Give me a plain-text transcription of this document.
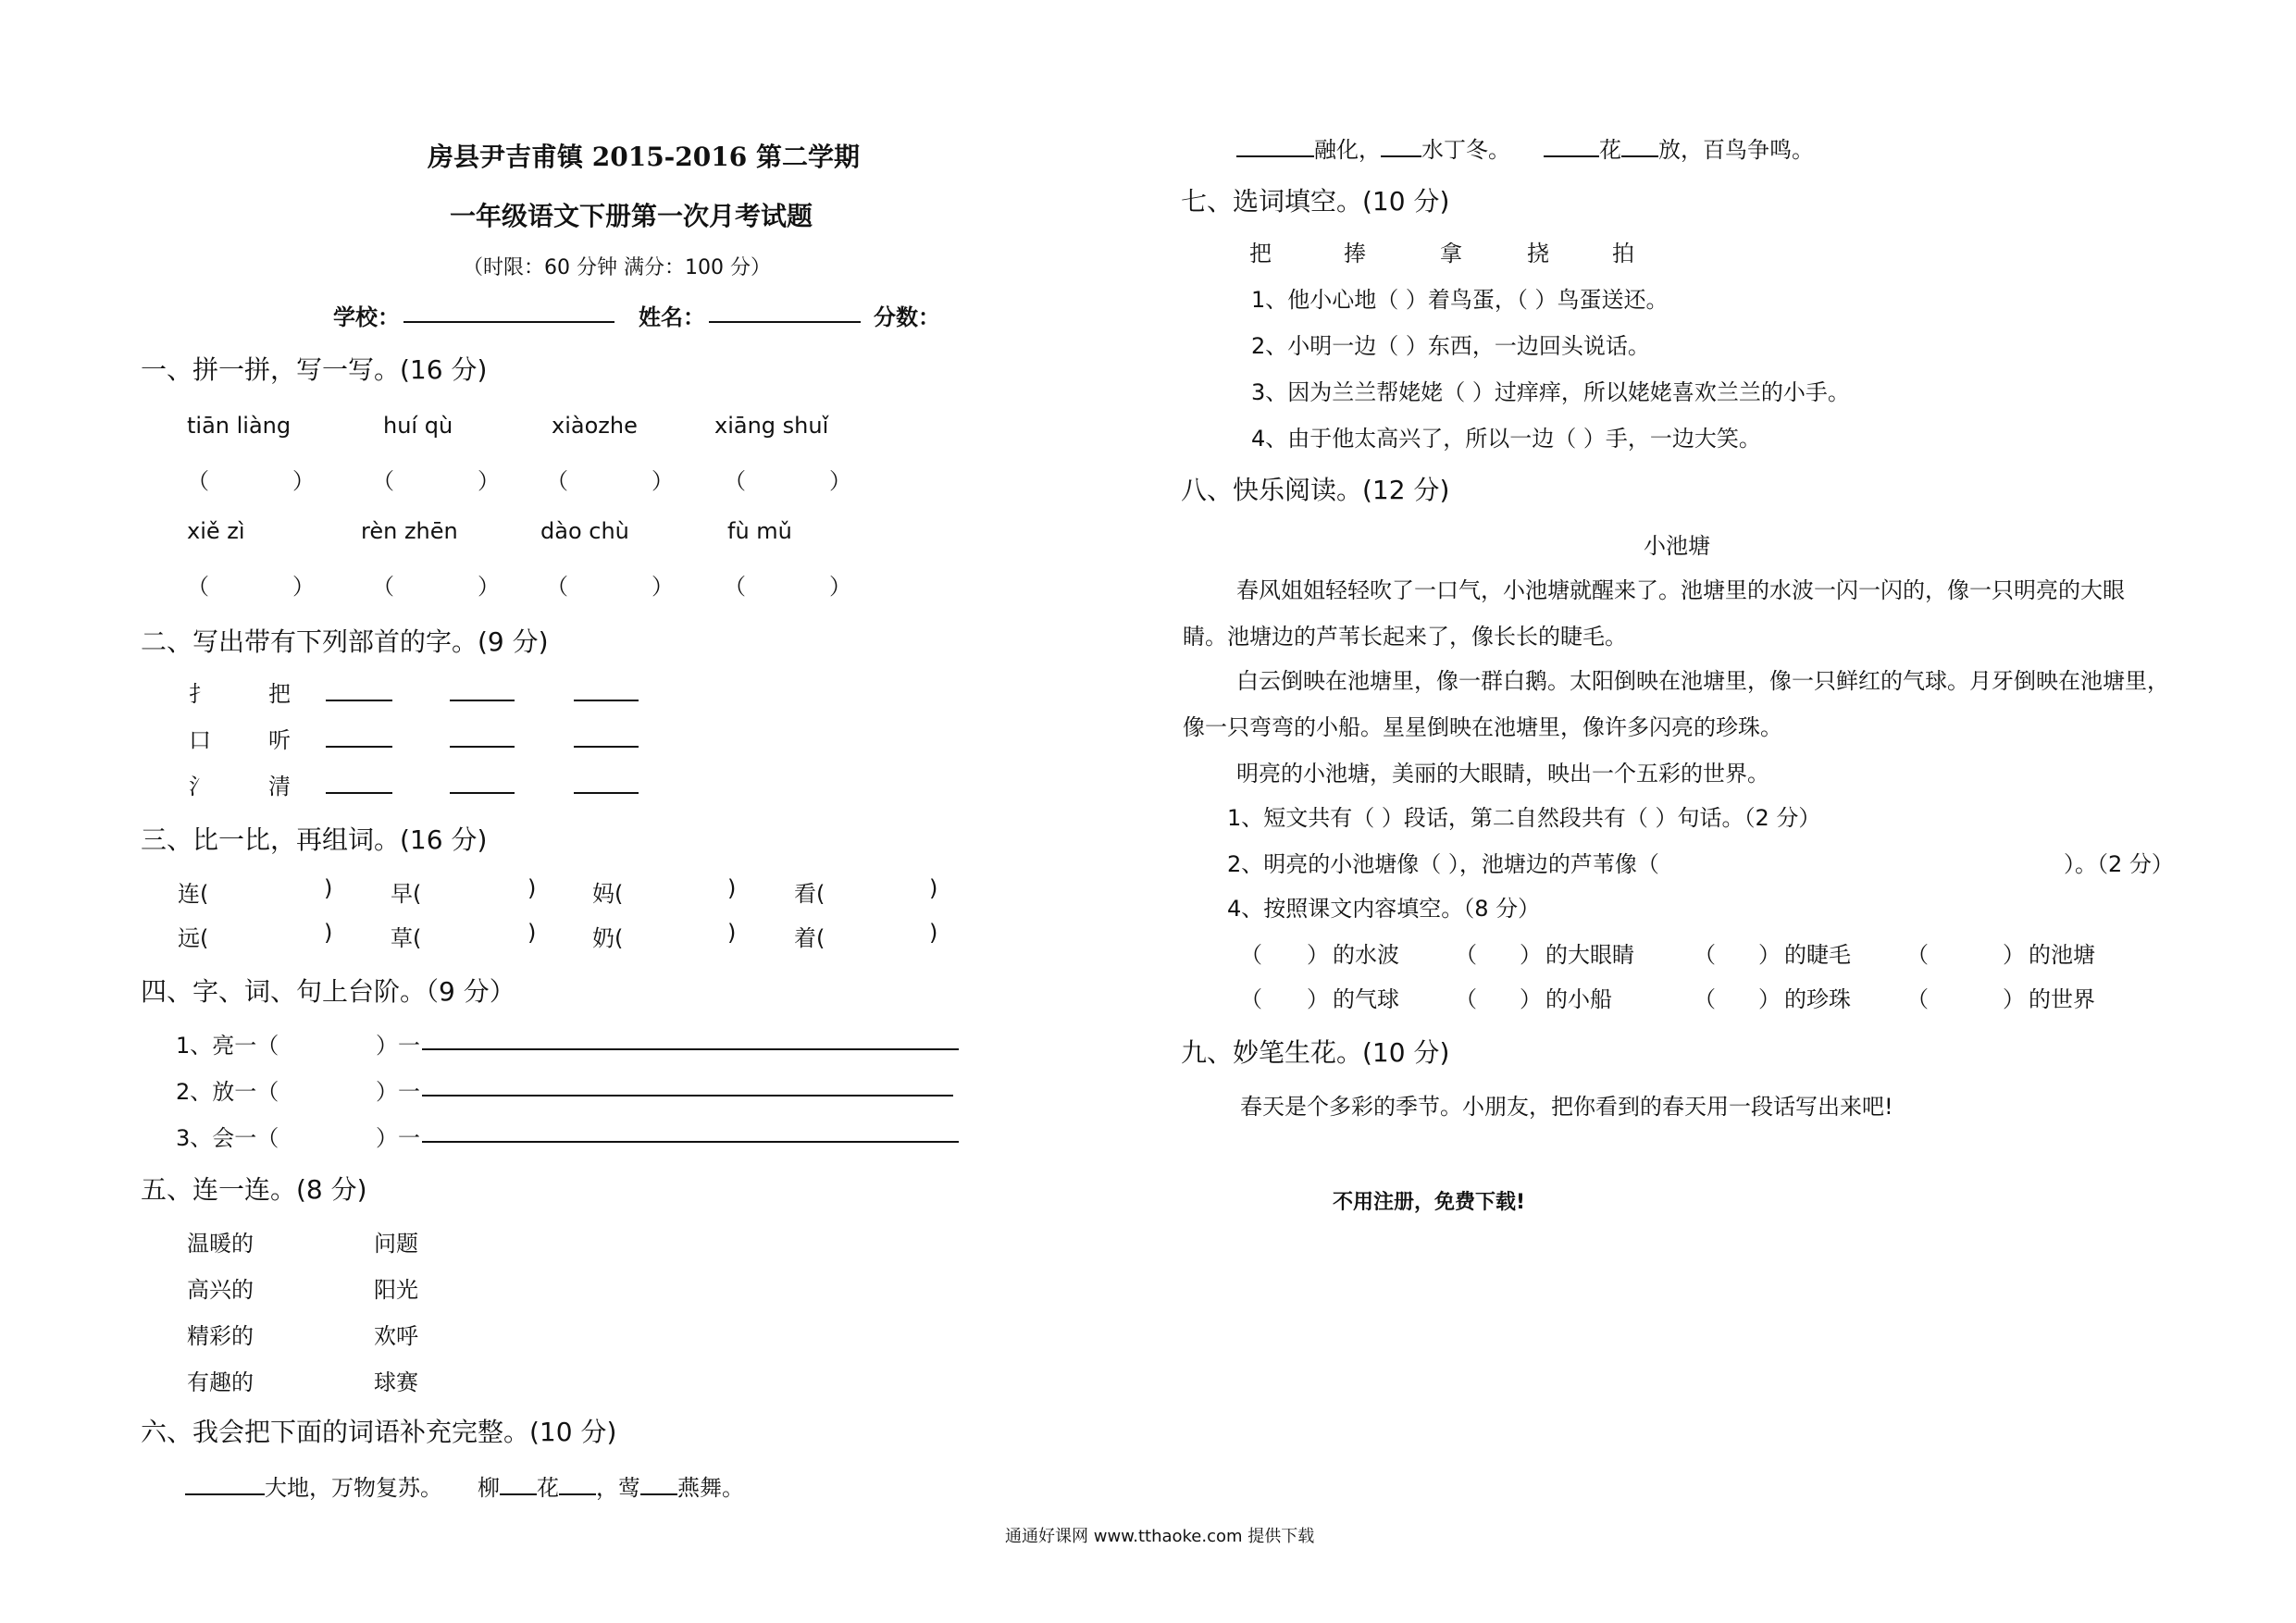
房县尹吉甫镇 2015-2016 第二学期
一年级语文下册第一次月考试题
（时限：60 分钟 满分：100 分）
学校：	姓名：	分数：
一、拼一拼，写一写。(16 分)
tiān liàng	huí qù	xiàozhe	xiāng shuǐ
（	）	（	） （	） （	）
xiě zì	rèn zhēn	dào chù	fù mǔ
（	）	（	） （	） （	）
二、写出带有下列部首的字。(9 分)
扌	把
口	听
氵	清
三、比一比，再组词。(16 分)
连(	)	早(	)	妈(	)	看(	)
远(	)	草(	)	奶(	)	着(	)
四、字、词、句上台阶。（9 分）
1、亮一（	）一
2、放一（	）一
3、会一（	）一
五、连一连。(8 分)
温暖的	问题
高兴的	阳光
精彩的	欢呼
有趣的	球赛
六、我会把下面的词语补充完整。(10 分)
大地，万物复苏。 柳 花 ，莺 燕舞。
融化， 水丁冬。	花 放，百鸟争鸣。
七、选词填空。(10 分)
把	捧	拿	挠	拍
1、他小心地（ ）着鸟蛋，（ ）鸟蛋送还。
2、小明一边（ ）东西，一边回头说话。
3、因为兰兰帮姥姥（ ）过痒痒，所以姥姥喜欢兰兰的小手。
4、由于他太高兴了，所以一边（ ）手，一边大笑。
八、快乐阅读。(12 分)
小池塘
春风姐姐轻轻吹了一口气，小池塘就醒来了。池塘里的水波一闪一闪的，像一只明亮的大眼
睛。池塘边的芦苇长起来了，像长长的睫毛。
白云倒映在池塘里，像一群白鹅。太阳倒映在池塘里，像一只鲜红的气球。月牙倒映在池塘里，
像一只弯弯的小船。星星倒映在池塘里，像许多闪亮的珍珠。
明亮的小池塘，美丽的大眼睛，映出一个五彩的世界。
1、短文共有（ ）段话，第二自然段共有（ ）句话。（2 分）
2、明亮的小池塘像（ ），池塘边的芦苇像（	）。（2 分）
4、按照课文内容填空。（8 分）
（ ） 的水波	（ ） 的大眼睛	（ ） 的睫毛	（	） 的池塘
（ ） 的气球	（ ） 的小船	（ ） 的珍珠	（	） 的世界
九、妙笔生花。(10 分)
春天是个多彩的季节。小朋友，把你看到的春天用一段话写出来吧!
不用注册，免费下载!
通通好课网 www.tthaoke.com 提供下载
